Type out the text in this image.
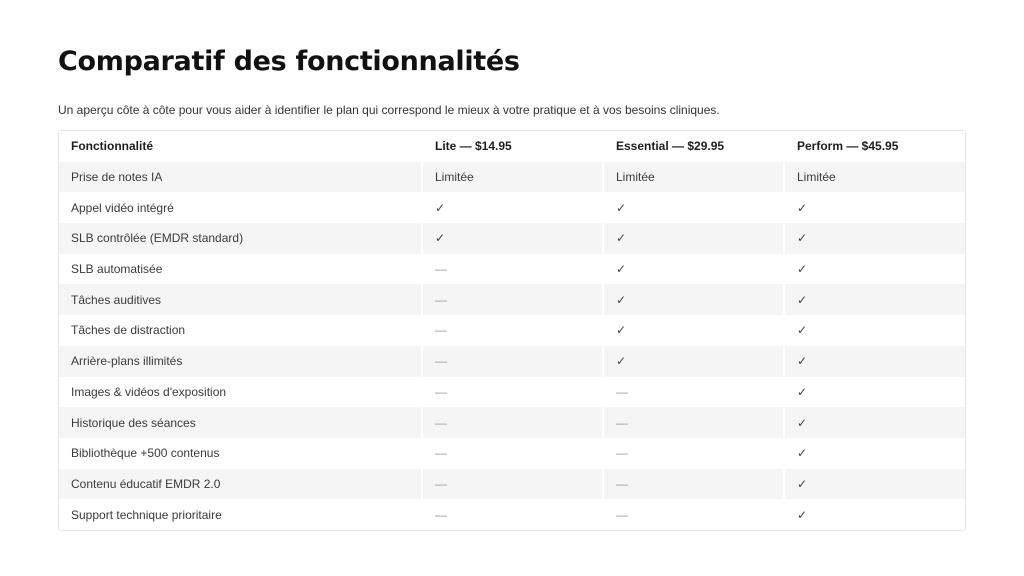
Comparatif des fonctionnalités

Un aperçu côte à côte pour vous aider à identifier le plan qui correspond le mieux à votre pratique et à vos besoins cliniques.

Fonctionnalité	Lite — $14.95	Essential — $29.95	Perform — $45.95
Prise de notes IA	Limitée	Limitée	Limitée
Appel vidéo intégré	✓	✓	✓
SLB contrôlée (EMDR standard)	✓	✓	✓
SLB automatisée	—	✓	✓
Tâches auditives	—	✓	✓
Tâches de distraction	—	✓	✓
Arrière-plans illimités	—	✓	✓
Images & vidéos d'exposition	—	—	✓
Historique des séances	—	—	✓
Bibliothèque +500 contenus	—	—	✓
Contenu éducatif EMDR 2.0	—	—	✓
Support technique prioritaire	—	—	✓
